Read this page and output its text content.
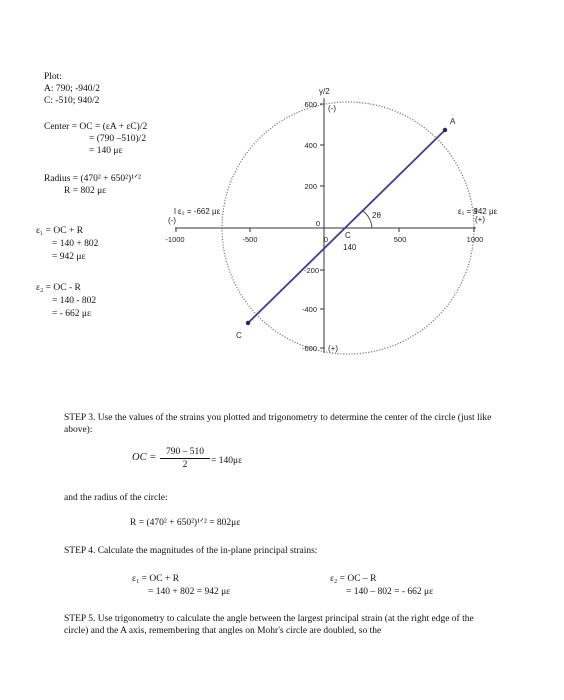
Plot:
A: 790; -940/2
C: -510; 940/2
Center = OC = (εA + εC)/2
= (790 –510)/2
= 140 με
Radius = (470² + 650²)¹ᐟ²
R = 802 με
ε₁ = OC + R
= 140 + 802
= 942 με
ε₂ = OC - R
= 140 - 802
= - 662 με
600
400
200
0
-200
-400
-600
-1000	-500	0	500	1000
γ/2
(-)
(+)
(-)	(+)
A
C
C
140
2θ
ε₂ = -662 με	ε₁ = 942 με
STEP 3. Use the values of the strains you plotted and trigonometry to determine the center of the circle (just like above):
OC = $\frac{790 - 510}{2} = 140\mu\varepsilon$
and the radius of the circle:
R = (470² + 650²)¹ᐟ² = 802με
STEP 4. Calculate the magnitudes of the in-plane principal strains:
ε₁ = OC + R
= 140 + 802 = 942 με
ε₂ = OC – R
= 140 – 802 = - 662 με
STEP 5. Use trigonometry to calculate the angle between the largest principal strain (at the right edge of the circle) and the A axis, remembering that angles on Mohr's circle are doubled, so the
